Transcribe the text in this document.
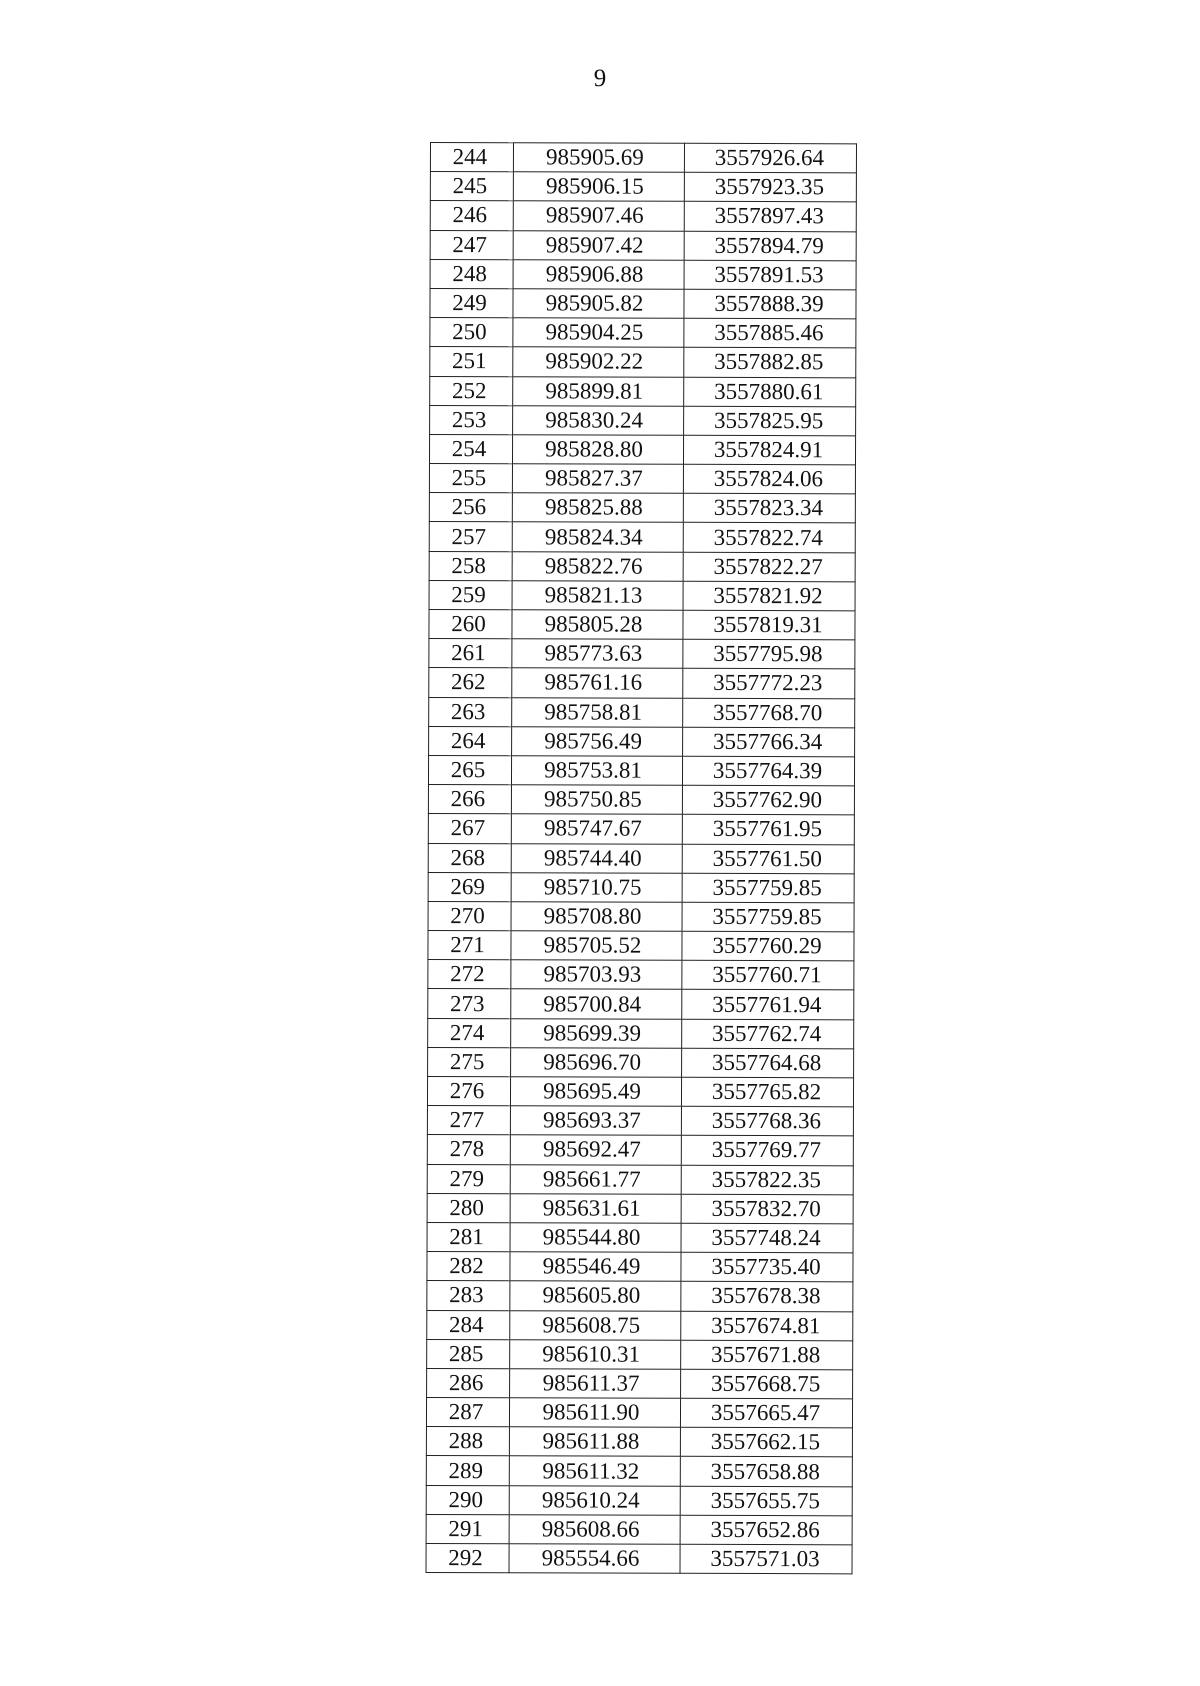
9
244	985905.69	3557926.64
245	985906.15	3557923.35
246	985907.46	3557897.43
247	985907.42	3557894.79
248	985906.88	3557891.53
249	985905.82	3557888.39
250	985904.25	3557885.46
251	985902.22	3557882.85
252	985899.81	3557880.61
253	985830.24	3557825.95
254	985828.80	3557824.91
255	985827.37	3557824.06
256	985825.88	3557823.34
257	985824.34	3557822.74
258	985822.76	3557822.27
259	985821.13	3557821.92
260	985805.28	3557819.31
261	985773.63	3557795.98
262	985761.16	3557772.23
263	985758.81	3557768.70
264	985756.49	3557766.34
265	985753.81	3557764.39
266	985750.85	3557762.90
267	985747.67	3557761.95
268	985744.40	3557761.50
269	985710.75	3557759.85
270	985708.80	3557759.85
271	985705.52	3557760.29
272	985703.93	3557760.71
273	985700.84	3557761.94
274	985699.39	3557762.74
275	985696.70	3557764.68
276	985695.49	3557765.82
277	985693.37	3557768.36
278	985692.47	3557769.77
279	985661.77	3557822.35
280	985631.61	3557832.70
281	985544.80	3557748.24
282	985546.49	3557735.40
283	985605.80	3557678.38
284	985608.75	3557674.81
285	985610.31	3557671.88
286	985611.37	3557668.75
287	985611.90	3557665.47
288	985611.88	3557662.15
289	985611.32	3557658.88
290	985610.24	3557655.75
291	985608.66	3557652.86
292	985554.66	3557571.03
